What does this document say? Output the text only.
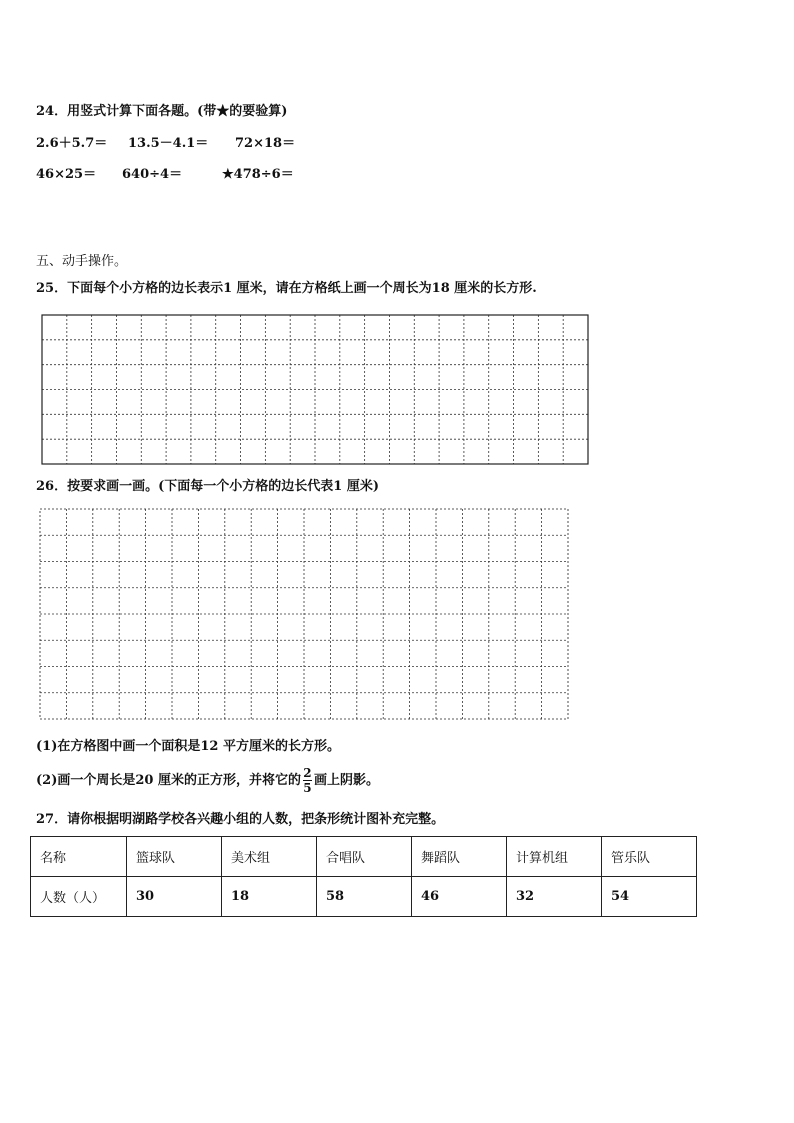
24．用竖式计算下面各题。(带★的要验算)
2.6＋5.7＝ 13.5－4.1＝ 72×18＝
46×25＝ 640÷4＝	★478÷6＝
五、动手操作。
25．下面每个小方格的边长表示1 厘米，请在方格纸上画一个周长为18 厘米的长方形.
26．按要求画一画。(下面每一个小方格的边长代表1 厘米)
(1)在方格图中画一个面积是12 平方厘米的长方形。
(2)画一个周长是20 厘米的正方形，并将它的 $\frac{2}{5}$ 画上阴影。
27．请你根据明湖路学校各兴趣小组的人数，把条形统计图补充完整。
名称	篮球队	美术组	合唱队	舞蹈队	计算机组	管乐队
人数（人）	30	18	58	46	32	54
